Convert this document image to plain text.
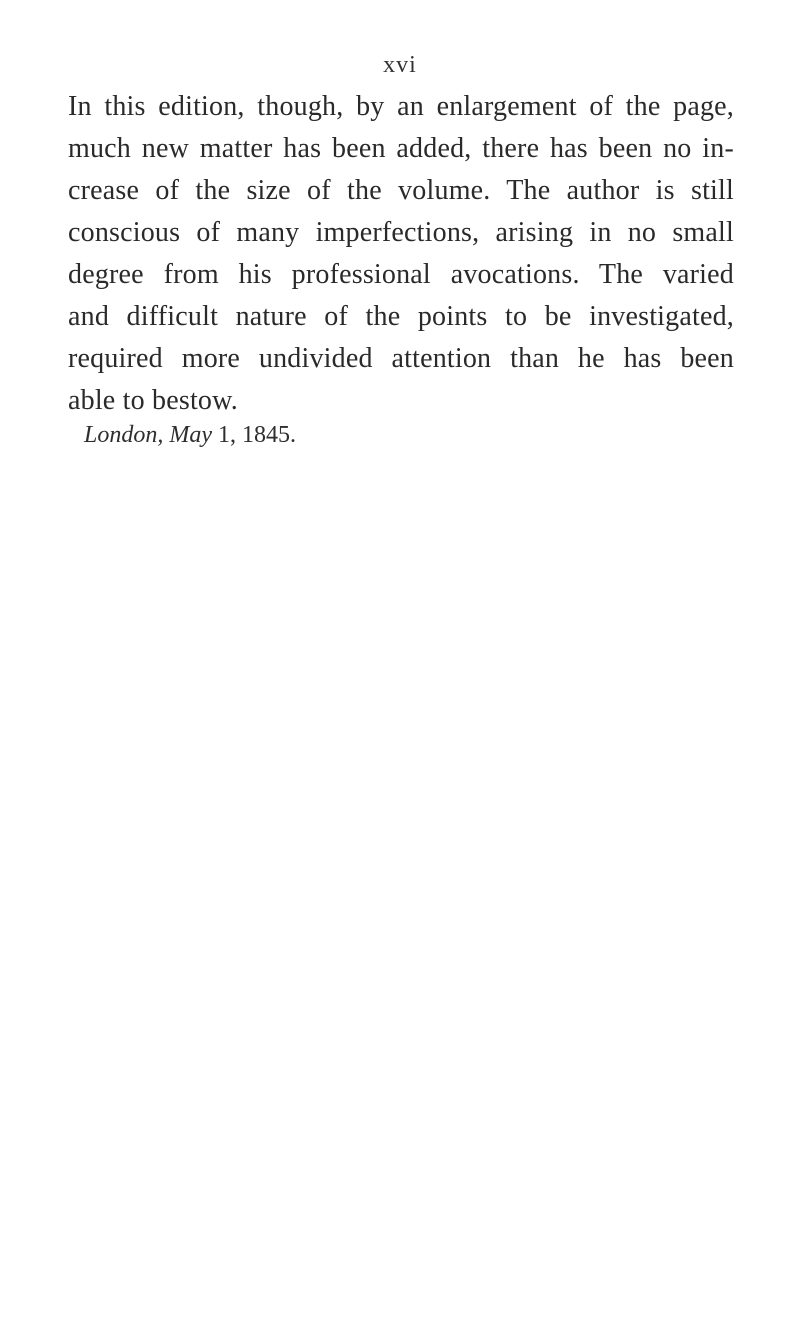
xvi
In this edition, though, by an enlargement of the page,
much new matter has been added, there has been no in-
crease of the size of the volume. The author is still
conscious of many imperfections, arising in no small
degree from his professional avocations. The varied
and difficult nature of the points to be investigated,
required more undivided attention than he has been
able to bestow.
London, May 1, 1845.
